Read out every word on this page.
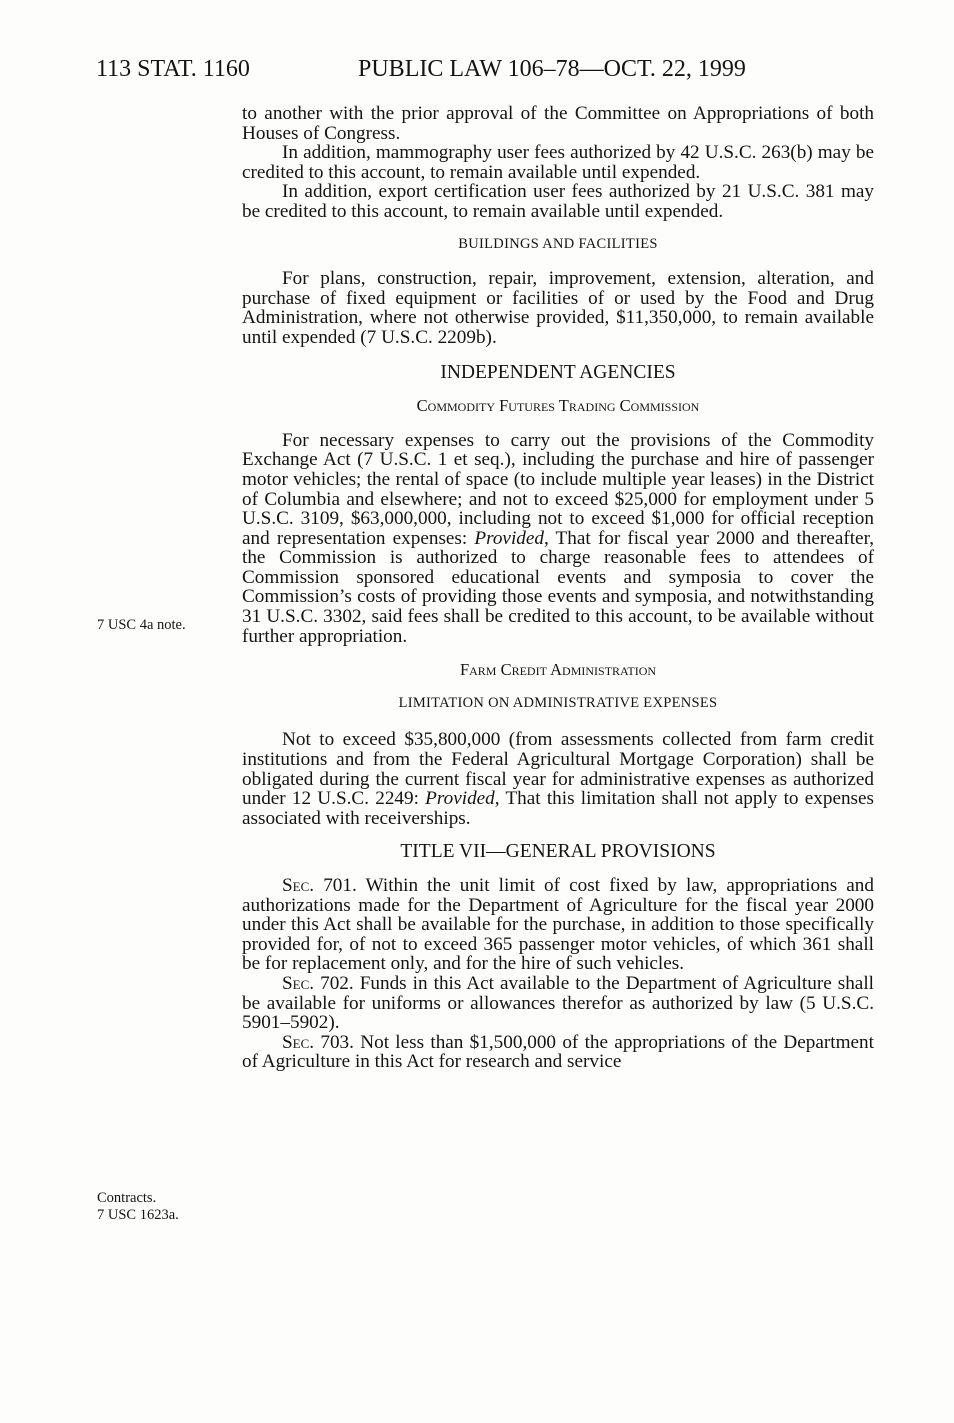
113 STAT. 1160	PUBLIC LAW 106–78—OCT. 22, 1999
7 USC 4a note.
Contracts.
7 USC 1623a.

to another with the prior approval of the Committee on Appropriations of both Houses of Congress.

In addition, mammography user fees authorized by 42 U.S.C. 263(b) may be credited to this account, to remain available until expended.

In addition, export certification user fees authorized by 21 U.S.C. 381 may be credited to this account, to remain available until expended.

BUILDINGS AND FACILITIES

For plans, construction, repair, improvement, extension, alteration, and purchase of fixed equipment or facilities of or used by the Food and Drug Administration, where not otherwise provided, $11,350,000, to remain available until expended (7 U.S.C. 2209b).

INDEPENDENT AGENCIES
Commodity Futures Trading Commission

For necessary expenses to carry out the provisions of the Commodity Exchange Act (7 U.S.C. 1 et seq.), including the purchase and hire of passenger motor vehicles; the rental of space (to include multiple year leases) in the District of Columbia and elsewhere; and not to exceed $25,000 for employment under 5 U.S.C. 3109, $63,000,000, including not to exceed $1,000 for official reception and representation expenses: Provided, That for fiscal year 2000 and thereafter, the Commission is authorized to charge reasonable fees to attendees of Commission sponsored educational events and symposia to cover the Commission’s costs of providing those events and symposia, and notwithstanding 31 U.S.C. 3302, said fees shall be credited to this account, to be available without further appropriation.

Farm Credit Administration
LIMITATION ON ADMINISTRATIVE EXPENSES

Not to exceed $35,800,000 (from assessments collected from farm credit institutions and from the Federal Agricultural Mortgage Corporation) shall be obligated during the current fiscal year for administrative expenses as authorized under 12 U.S.C. 2249: Provided, That this limitation shall not apply to expenses associated with receiverships.

TITLE VII—GENERAL PROVISIONS

Sec. 701. Within the unit limit of cost fixed by law, appropriations and authorizations made for the Department of Agriculture for the fiscal year 2000 under this Act shall be available for the purchase, in addition to those specifically provided for, of not to exceed 365 passenger motor vehicles, of which 361 shall be for replacement only, and for the hire of such vehicles.

Sec. 702. Funds in this Act available to the Department of Agriculture shall be available for uniforms or allowances therefor as authorized by law (5 U.S.C. 5901–5902).

Sec. 703. Not less than $1,500,000 of the appropriations of the Department of Agriculture in this Act for research and service
